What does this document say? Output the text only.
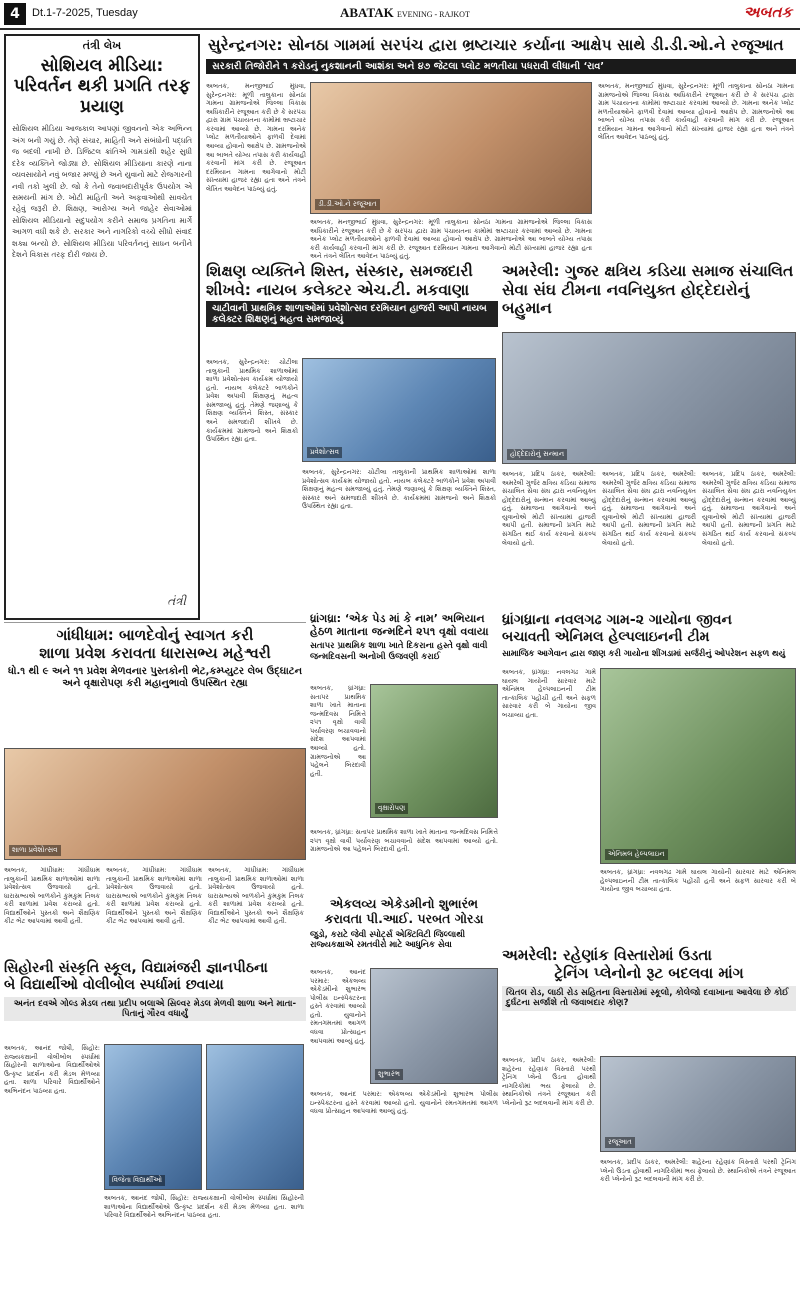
4	Dt.1-7-2025, Tuesday	ABATAK EVENING - RAJKOT	અબતક
તંત્રી લેખ
સોશિયલ મીડિયા: પરિવર્તન થકી પ્રગતિ તરફ પ્રયાણ
સોશિયલ મીડિયા આજકાલ આપણાં જીવનનો એક અભિન્ન અંગ બની ગયું છે. તેણે સંચાર, માહિતી અને સંબંધોની પદ્ધતિ જ બદલી નાખી છે. ડિજિટલ ક્રાંતિએ ગામડાંથી શહેર સુધી દરેક વ્યક્તિને જોડ્યા છે. સોશિયલ મીડિયાના કારણે નાના વ્યવસાયોને નવું બજાર મળ્યું છે અને યુવાનો માટે રોજગારની નવી તકો ખુલી છે. જો કે તેનો જવાબદારીપૂર્વક ઉપયોગ એ સમયની માંગ છે. ખોટી માહિતી અને અફવાઓથી સાવચેત રહેવું જરૂરી છે. શિક્ષણ, આરોગ્ય અને જાહેર સેવાઓમાં સોશિયલ મીડિયાનો સદુપયોગ કરીને સમાજ પ્રગતિના માર્ગે આગળ વધી શકે છે. સરકાર અને નાગરિકો વચ્ચે સીધો સંવાદ શક્ય બન્યો છે. સોશિયલ મીડિયા પરિવર્તનનું સાધન બનીને દેશને વિકાસ તરફ દોરી જાય છે.
તંત્રી
સુરેન્દ્રનગર: સોનઠા ગામમાં સરપંચ દ્વારા ભ્રષ્ટાચાર કર્યાના આક્ષેપ સાથે ડી.ડી.ઓ.ને રજૂઆત
સરકારી તિજોરીને ૧ કરોડનું નુકશાનની આશંકા અને ૪૭ જેટલા પ્લોટ મળતીયા પધરાવી લીધાની ‘રાવ’
અબતક, મનજીભાઈ મુંધવા, સુરેન્દ્રનગર: મૂળી તાલુકાના સોનઠા ગામના ગ્રામજનોએ જિલ્લા વિકાસ અધિકારીને રજૂઆત કરી છે કે સરપંચ દ્વારા ગ્રામ પંચાયતના કામોમાં ભ્રષ્ટાચાર કરવામાં આવ્યો છે. ગામના અનેક પ્લોટ મળતીયાઓને ફાળવી દેવામાં આવ્યા હોવાનો આક્ષેપ છે. ગ્રામજનોએ આ બાબતે યોગ્ય તપાસ કરી કાર્યવાહી કરવાની માંગ કરી છે. રજૂઆત દરમિયાન ગામના આગેવાનો મોટી સંખ્યામાં હાજર રહ્યા હતા અને તંત્રને લેખિત આવેદન પાઠવ્યું હતું.
ડી.ડી.ઓ.ને રજૂઆત
અબતક, મનજીભાઈ મુંધવા, સુરેન્દ્રનગર: મૂળી તાલુકાના સોનઠા ગામના ગ્રામજનોએ જિલ્લા વિકાસ અધિકારીને રજૂઆત કરી છે કે સરપંચ દ્વારા ગ્રામ પંચાયતના કામોમાં ભ્રષ્ટાચાર કરવામાં આવ્યો છે. ગામના અનેક પ્લોટ મળતીયાઓને ફાળવી દેવામાં આવ્યા હોવાનો આક્ષેપ છે. ગ્રામજનોએ આ બાબતે યોગ્ય તપાસ કરી કાર્યવાહી કરવાની માંગ કરી છે. રજૂઆત દરમિયાન ગામના આગેવાનો મોટી સંખ્યામાં હાજર રહ્યા હતા અને તંત્રને લેખિત આવેદન પાઠવ્યું હતું.
અબતક, મનજીભાઈ મુંધવા, સુરેન્દ્રનગર: મૂળી તાલુકાના સોનઠા ગામના ગ્રામજનોએ જિલ્લા વિકાસ અધિકારીને રજૂઆત કરી છે કે સરપંચ દ્વારા ગ્રામ પંચાયતના કામોમાં ભ્રષ્ટાચાર કરવામાં આવ્યો છે. ગામના અનેક પ્લોટ મળતીયાઓને ફાળવી દેવામાં આવ્યા હોવાનો આક્ષેપ છે. ગ્રામજનોએ આ બાબતે યોગ્ય તપાસ કરી કાર્યવાહી કરવાની માંગ કરી છે. રજૂઆત દરમિયાન ગામના આગેવાનો મોટી સંખ્યામાં હાજર રહ્યા હતા અને તંત્રને લેખિત આવેદન પાઠવ્યું હતું.
શિક્ષણ વ્યક્તિને શિસ્ત, સંસ્કાર, સમજદારી
શીખવે: નાયબ કલેક્ટર એચ.ટી. મકવાણા
ચાટીવાની પ્રાથમિક શાળાઓમાં પ્રવેશોત્સવ દરમિયાન હાજરી આપી નાયબ કલેક્ટર શિક્ષણનું મહત્વ સમજાવ્યું
પ્રવેશોત્સવ
અબતક, સુરેન્દ્રનગર: ચોટીલા તાલુકાની પ્રાથમિક શાળાઓમાં શાળા પ્રવેશોત્સવ કાર્યક્રમ યોજાયો હતો. નાયબ કલેક્ટરે બાળકોને પ્રવેશ અપાવી શિક્ષણનું મહત્વ સમજાવ્યું હતું. તેમણે જણાવ્યું કે શિક્ષણ વ્યક્તિને શિસ્ત, સંસ્કાર અને સમજદારી શીખવે છે. કાર્યક્રમમાં ગ્રામજનો અને શિક્ષકો ઉપસ્થિત રહ્યા હતા.
અબતક, સુરેન્દ્રનગર: ચોટીલા તાલુકાની પ્રાથમિક શાળાઓમાં શાળા પ્રવેશોત્સવ કાર્યક્રમ યોજાયો હતો. નાયબ કલેક્ટરે બાળકોને પ્રવેશ અપાવી શિક્ષણનું મહત્વ સમજાવ્યું હતું. તેમણે જણાવ્યું કે શિક્ષણ વ્યક્તિને શિસ્ત, સંસ્કાર અને સમજદારી શીખવે છે. કાર્યક્રમમાં ગ્રામજનો અને શિક્ષકો ઉપસ્થિત રહ્યા હતા.
અમરેલી: ગુજર ક્ષત્રિય કડિયા સમાજ સંચાલિત સેવા સંઘ ટીમના નવનિયુક્ત હોદ્દેદારોનું બહુમાન
હોદ્દેદારોનું સન્માન
અબતક, પ્રદિપ ઠાકર, અમરેલી: અમરેલી ગુર્જર ક્ષત્રિય કડિયા સમાજ સંચાલિત સેવા સંઘ દ્વારા નવનિયુક્ત હોદ્દેદારોનું સન્માન કરવામાં આવ્યું હતું. સમાજના આગેવાનો અને યુવાનોએ મોટી સંખ્યામાં હાજરી આપી હતી. સમાજની પ્રગતિ માટે સંગઠિત થઈ કાર્ય કરવાનો સંકલ્પ લેવાયો હતો.
અબતક, પ્રદિપ ઠાકર, અમરેલી: અમરેલી ગુર્જર ક્ષત્રિય કડિયા સમાજ સંચાલિત સેવા સંઘ દ્વારા નવનિયુક્ત હોદ્દેદારોનું સન્માન કરવામાં આવ્યું હતું. સમાજના આગેવાનો અને યુવાનોએ મોટી સંખ્યામાં હાજરી આપી હતી. સમાજની પ્રગતિ માટે સંગઠિત થઈ કાર્ય કરવાનો સંકલ્પ લેવાયો હતો.
અબતક, પ્રદિપ ઠાકર, અમરેલી: અમરેલી ગુર્જર ક્ષત્રિય કડિયા સમાજ સંચાલિત સેવા સંઘ દ્વારા નવનિયુક્ત હોદ્દેદારોનું સન્માન કરવામાં આવ્યું હતું. સમાજના આગેવાનો અને યુવાનોએ મોટી સંખ્યામાં હાજરી આપી હતી. સમાજની પ્રગતિ માટે સંગઠિત થઈ કાર્ય કરવાનો સંકલ્પ લેવાયો હતો.
ગાંધીધામ: બાળદેવોનું સ્વાગત કરી
શાળા પ્રવેશ કરાવતા ધારાસભ્ય મહેશ્વરી
ધો.૧ થી ૯ અને ૧૧ પ્રવેશ મેળવનાર પુસ્તકોની ભેટ,કમ્પ્યુટર લેબ ઉદ્ઘાટન અને વૃક્ષારોપણ કરી મહાનુભાવો ઉપસ્થિત રહ્યા
શાળા પ્રવેશોત્સવ
અબતક, ગાંધીધામ: ગાંધીધામ તાલુકાની પ્રાથમિક શાળાઓમાં શાળા પ્રવેશોત્સવ ઉજવાયો હતો. ધારાસભ્યએ બાળકોને કુમકુમ તિલક કરી શાળામાં પ્રવેશ કરાવ્યો હતો. વિદ્યાર્થીઓને પુસ્તકો અને શૈક્ષણિક કીટ ભેટ આપવામાં આવી હતી.
અબતક, ગાંધીધામ: ગાંધીધામ તાલુકાની પ્રાથમિક શાળાઓમાં શાળા પ્રવેશોત્સવ ઉજવાયો હતો. ધારાસભ્યએ બાળકોને કુમકુમ તિલક કરી શાળામાં પ્રવેશ કરાવ્યો હતો. વિદ્યાર્થીઓને પુસ્તકો અને શૈક્ષણિક કીટ ભેટ આપવામાં આવી હતી.
અબતક, ગાંધીધામ: ગાંધીધામ તાલુકાની પ્રાથમિક શાળાઓમાં શાળા પ્રવેશોત્સવ ઉજવાયો હતો. ધારાસભ્યએ બાળકોને કુમકુમ તિલક કરી શાળામાં પ્રવેશ કરાવ્યો હતો. વિદ્યાર્થીઓને પુસ્તકો અને શૈક્ષણિક કીટ ભેટ આપવામાં આવી હતી.
ધ્રાંગધ્રા: ‘એક પેડ માં કે નામ’ અભિયાન
હેઠળ માતાના જન્મદિને ૨૫૧ વૃક્ષો વવાયા
સતાપર પ્રાથમિક શાળા ખાતે દિકરાના હસ્તે વૃક્ષો વાવી જન્મદિવસની અનોખી ઉજવણી કરાઈ
અબતક, ધ્રાંગધ્રા: સતાપર પ્રાથમિક શાળા ખાતે માતાના જન્મદિવસ નિમિત્તે ૨૫૧ વૃક્ષો વાવી પર્યાવરણ બચાવવાનો સંદેશ આપવામાં આવ્યો હતો. ગ્રામજનોએ આ પહેલને બિરદાવી હતી.
વૃક્ષારોપણ
અબતક, ધ્રાંગધ્રા: સતાપર પ્રાથમિક શાળા ખાતે માતાના જન્મદિવસ નિમિત્તે ૨૫૧ વૃક્ષો વાવી પર્યાવરણ બચાવવાનો સંદેશ આપવામાં આવ્યો હતો. ગ્રામજનોએ આ પહેલને બિરદાવી હતી.
ધ્રાંગધ્રાના નવલગઢ ગામ-૨ ગાયોના જીવન
બચાવતી એનિમલ હેલ્પલાઇનની ટીમ
સામાજિક આગેવાન દ્વારા જાણ કરી ગાયોના શીંગડામાં સર્જરીનું ઓપરેશન સફળ થયું
અબતક, ધ્રાંગધ્રા: નવલગઢ ગામે ઘાયલ ગાયોની સારવાર માટે એનિમલ હેલ્પલાઇનની ટીમ તાત્કાલિક પહોંચી હતી અને સફળ સારવાર કરી બે ગાયોના જીવ બચાવ્યા હતા.
એનિમલ હેલ્પલાઇન
અબતક, ધ્રાંગધ્રા: નવલગઢ ગામે ઘાયલ ગાયોની સારવાર માટે એનિમલ હેલ્પલાઇનની ટીમ તાત્કાલિક પહોંચી હતી અને સફળ સારવાર કરી બે ગાયોના જીવ બચાવ્યા હતા.
એકલવ્ય એકેડમીનો શુભારંભ
કરાવતા પી.આઈ. પરબત ગોરડા
જુડો, કરાટે જેવી સ્પોર્ટ્સ એક્ટિવિટી જિલ્લાથી રાજ્યકક્ષાએ રમતવીરો માટે આધુનિક સેવા
અબતક, આનંદ પરમાર: એકલવ્ય એકેડમીનો શુભારંભ પોલીસ ઇન્સ્પેક્ટરના હસ્તે કરવામાં આવ્યો હતો. યુવાનોને રમતગમતમાં આગળ વધવા પ્રોત્સાહન આપવામાં આવ્યું હતું.
શુભારંભ
અબતક, આનંદ પરમાર: એકલવ્ય એકેડમીનો શુભારંભ પોલીસ ઇન્સ્પેક્ટરના હસ્તે કરવામાં આવ્યો હતો. યુવાનોને રમતગમતમાં આગળ વધવા પ્રોત્સાહન આપવામાં આવ્યું હતું.
સિહોરની સંસ્કૃતિ સ્કૂલ, વિદ્યામંજરી જ્ઞાનપીઠના
બે વિદ્યાર્થીઓ વોલીબોલ સ્પર્ધામાં છવાયા
અનંત દવએ ગોલ્ડ મેડલ તથા પ્રદીપ બલાએ સિલ્વર મેડલ મેળવી શાળા અને માતા-પિતાનું ગૌરવ વધાર્યું
અબતક, આનંદ જોષી, સિહોર: રાજ્યકક્ષાની વોલીબોલ સ્પર્ધામાં સિહોરની શાળાઓના વિદ્યાર્થીઓએ ઉત્કૃષ્ટ પ્રદર્શન કરી મેડલ મેળવ્યા હતા. શાળા પરિવારે વિદ્યાર્થીઓને અભિનંદન પાઠવ્યા હતા.
વિજેતા વિદ્યાર્થીઓ
અબતક, આનંદ જોષી, સિહોર: રાજ્યકક્ષાની વોલીબોલ સ્પર્ધામાં સિહોરની શાળાઓના વિદ્યાર્થીઓએ ઉત્કૃષ્ટ પ્રદર્શન કરી મેડલ મેળવ્યા હતા. શાળા પરિવારે વિદ્યાર્થીઓને અભિનંદન પાઠવ્યા હતા.
અમરેલી: રહેણાંક વિસ્તારોમાં ઉડતા
ટ્રેનિંગ પ્લેનોનો રૂટ બદલવા માંગ
ચિતલ રોડ, લાઠી રોડ સહિતના વિસ્તારોમાં સ્કૂલો, કોલેજો દવાખાના આવેલા છે કોઈ દુર્ઘટના સર્જાશે તો જવાબદાર કોણ?
અબતક, પ્રદીપ ઠાકર, અમરેલી: શહેરના રહેણાંક વિસ્તારો પરથી ટ્રેનિંગ પ્લેનો ઉડતા હોવાથી નાગરિકોમાં ભય ફેલાયો છે. સ્થાનિકોએ તંત્રને રજૂઆત કરી પ્લેનોનો રૂટ બદલવાની માંગ કરી છે.
રજૂઆત
અબતક, પ્રદીપ ઠાકર, અમરેલી: શહેરના રહેણાંક વિસ્તારો પરથી ટ્રેનિંગ પ્લેનો ઉડતા હોવાથી નાગરિકોમાં ભય ફેલાયો છે. સ્થાનિકોએ તંત્રને રજૂઆત કરી પ્લેનોનો રૂટ બદલવાની માંગ કરી છે.
